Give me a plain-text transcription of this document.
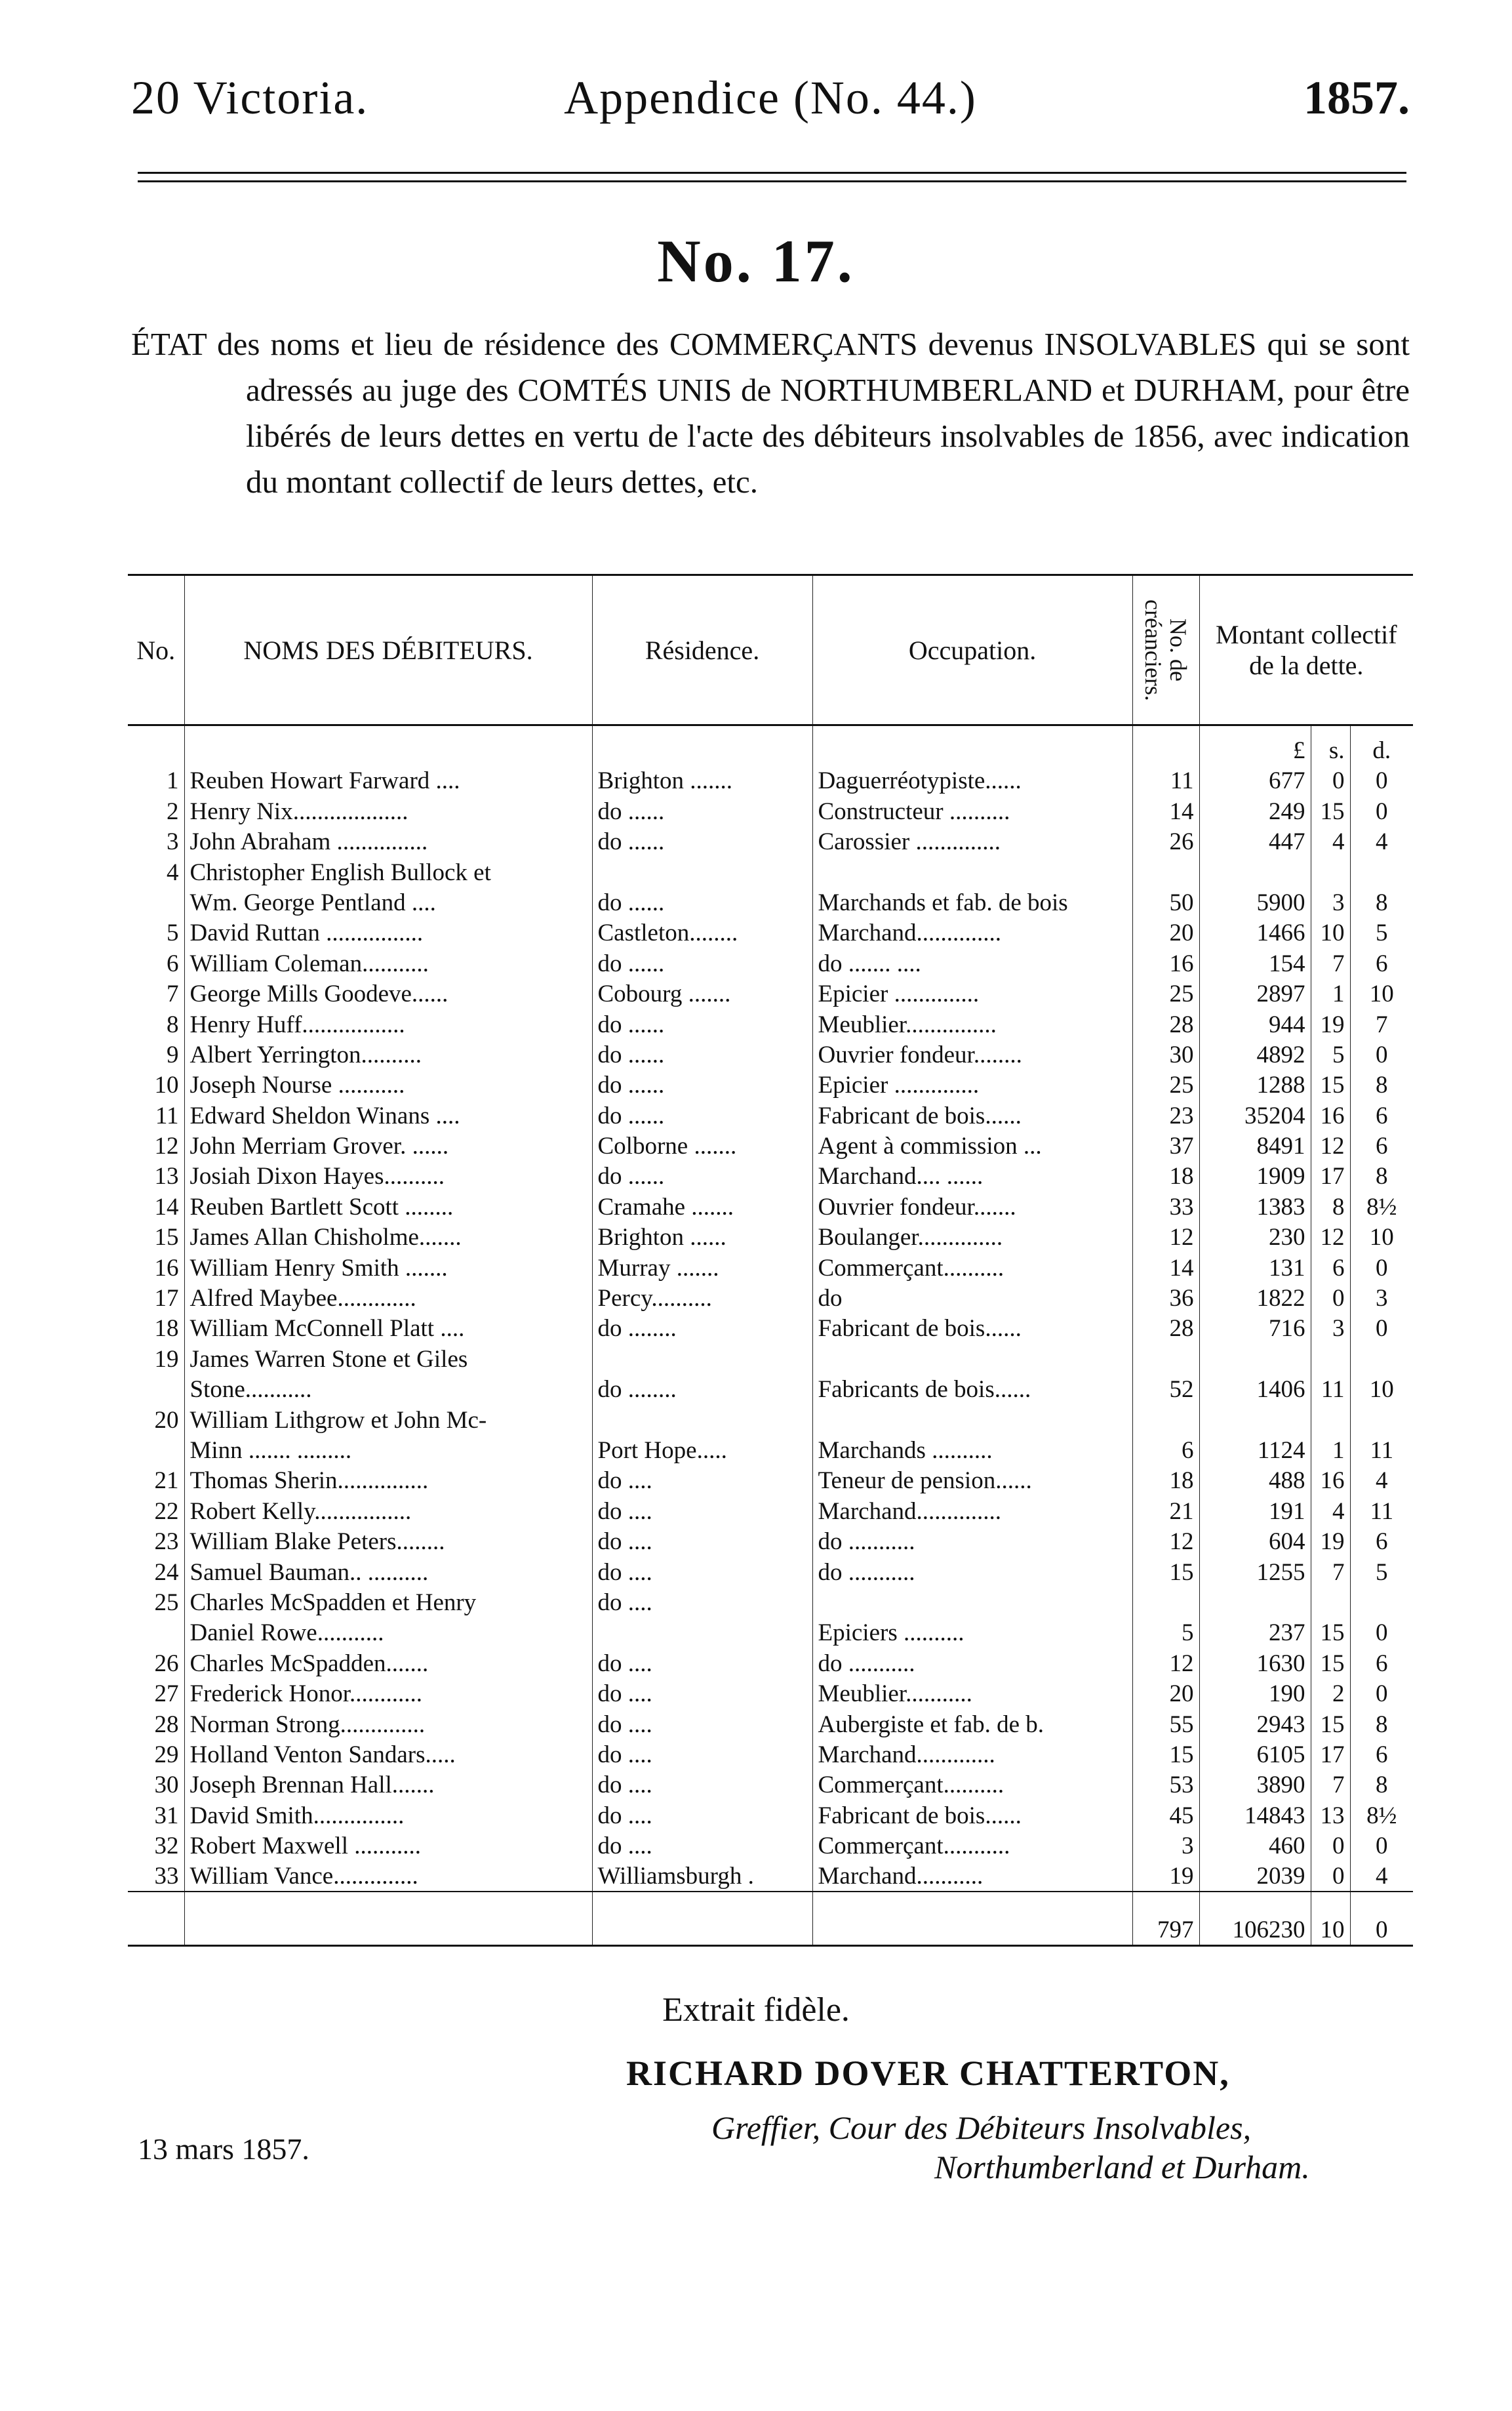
20 Victoria.	Appendice (No. 44.)	1857.
No. 17.
ÉTAT des noms et lieu de résidence des COMMERÇANTS devenus INSOLVABLES qui se sont adressés au juge des COMTÉS UNIS de NORTHUMBERLAND et DURHAM, pour être libérés de leurs dettes en vertu de l'acte des débiteurs insolvables de 1856, avec indication du montant collectif de leurs dettes, etc.
No.	NOMS DES DÉBITEURS.	Résidence.	Occupation.	No. de créanciers.	Montant collectif de la dette.		
					£	s.	d.
1	Reuben Howart Farward ....	Brighton .......	Daguerréotypiste......	11	677	0	0
2	Henry Nix...................	do ......	Constructeur ..........	14	249	15	0
3	John Abraham ...............	do ......	Carossier ..............	26	447	4	4
4	Christopher English Bullock et						
	Wm. George Pentland ....	do ......	Marchands et fab. de bois	50	5900	3	8
5	David Ruttan ................	Castleton........	Marchand..............	20	1466	10	5
6	William Coleman...........	do ......	do ....... ....	16	154	7	6
7	George Mills Goodeve......	Cobourg .......	Epicier ..............	25	2897	1	10
8	Henry Huff.................	do ......	Meublier...............	28	944	19	7
9	Albert Yerrington..........	do ......	Ouvrier fondeur........	30	4892	5	0
10	Joseph Nourse ...........	do ......	Epicier ..............	25	1288	15	8
11	Edward Sheldon Winans ....	do ......	Fabricant de bois......	23	35204	16	6
12	John Merriam Grover. ......	Colborne .......	Agent à commission ...	37	8491	12	6
13	Josiah Dixon Hayes..........	do ......	Marchand.... ......	18	1909	17	8
14	Reuben Bartlett Scott ........	Cramahe .......	Ouvrier fondeur.......	33	1383	8	8½
15	James Allan Chisholme.......	Brighton ......	Boulanger..............	12	230	12	10
16	William Henry Smith .......	Murray .......	Commerçant..........	14	131	6	0
17	Alfred Maybee.............	Percy..........	do	36	1822	0	3
18	William McConnell Platt ....	do ........	Fabricant de bois......	28	716	3	0
19	James Warren Stone et Giles						
	Stone...........	do ........	Fabricants de bois......	52	1406	11	10
20	William Lithgrow et John Mc-						
	Minn ....... .........	Port Hope.....	Marchands ..........	6	1124	1	11
21	Thomas Sherin...............	do ....	Teneur de pension......	18	488	16	4
22	Robert Kelly................	do ....	Marchand..............	21	191	4	11
23	William Blake Peters........	do ....	do ...........	12	604	19	6
24	Samuel Bauman.. ..........	do ....	do ...........	15	1255	7	5
25	Charles McSpadden et Henry	do ....					
	Daniel Rowe...........		Epiciers ..........	5	237	15	0
26	Charles McSpadden.......	do ....	do ...........	12	1630	15	6
27	Frederick Honor............	do ....	Meublier...........	20	190	2	0
28	Norman Strong..............	do ....	Aubergiste et fab. de b.	55	2943	15	8
29	Holland Venton Sandars.....	do ....	Marchand.............	15	6105	17	6
30	Joseph Brennan Hall.......	do ....	Commerçant..........	53	3890	7	8
31	David Smith...............	do ....	Fabricant de bois......	45	14843	13	8½
32	Robert Maxwell ...........	do ....	Commerçant...........	3	460	0	0
33	William Vance..............	Williamsburgh .	Marchand...........	19	2039	0	4
				797	106230	10	0
Extrait fidèle.
RICHARD DOVER CHATTERTON,
Greffier, Cour des Débiteurs Insolvables,
Northumberland et Durham.
13 mars 1857.
